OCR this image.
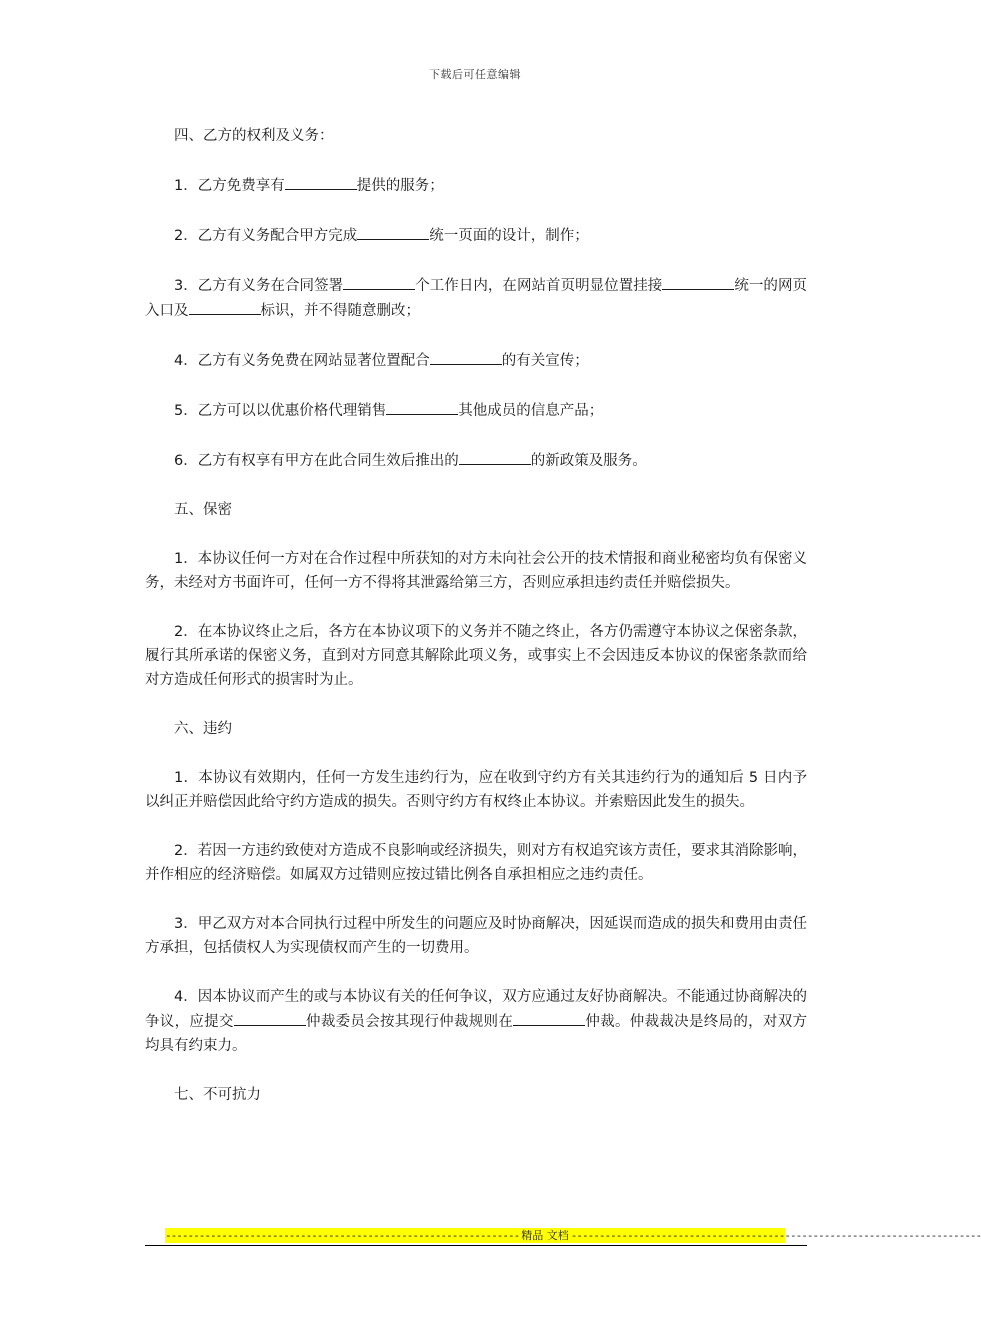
下载后可任意编辑

四、乙方的权利及义务：

1．乙方免费享有	提供的服务；

2．乙方有义务配合甲方完成	统一页面的设计，制作；

3．乙方有义务在合同签署	个工作日内，在网站首页明显位置挂接	统一的网页入口及	标识，并不得随意删改；

4．乙方有义务免费在网站显著位置配合	的有关宣传；

5．乙方可以以优惠价格代理销售	其他成员的信息产品；

6．乙方有权享有甲方在此合同生效后推出的	的新政策及服务。

五、保密

1．本协议任何一方对在合作过程中所获知的对方未向社会公开的技术情报和商业秘密均负有保密义务，未经对方书面许可，任何一方不得将其泄露给第三方，否则应承担违约责任并赔偿损失。

2．在本协议终止之后，各方在本协议项下的义务并不随之终止，各方仍需遵守本协议之保密条款，履行其所承诺的保密义务，直到对方同意其解除此项义务，或事实上不会因违反本协议的保密条款而给对方造成任何形式的损害时为止。

六、违约

1．本协议有效期内，任何一方发生违约行为，应在收到守约方有关其违约行为的通知后 5 日内予以纠正并赔偿因此给守约方造成的损失。否则守约方有权终止本协议。并索赔因此发生的损失。

2．若因一方违约致使对方造成不良影响或经济损失，则对方有权追究该方责任，要求其消除影响，并作相应的经济赔偿。如属双方过错则应按过错比例各自承担相应之违约责任。

3．甲乙双方对本合同执行过程中所发生的问题应及时协商解决，因延误而造成的损失和费用由责任方承担，包括债权人为实现债权而产生的一切费用。

4．因本协议而产生的或与本协议有关的任何争议，双方应通过友好协商解决。不能通过协商解决的争议，应提交	仲裁委员会按其现行仲裁规则在	仲裁。仲裁裁决是终局的，对双方均具有约束力。

七、不可抗力

--------------------------------------------------------------- 精品 文档 -------------------------------------------------------------------------
